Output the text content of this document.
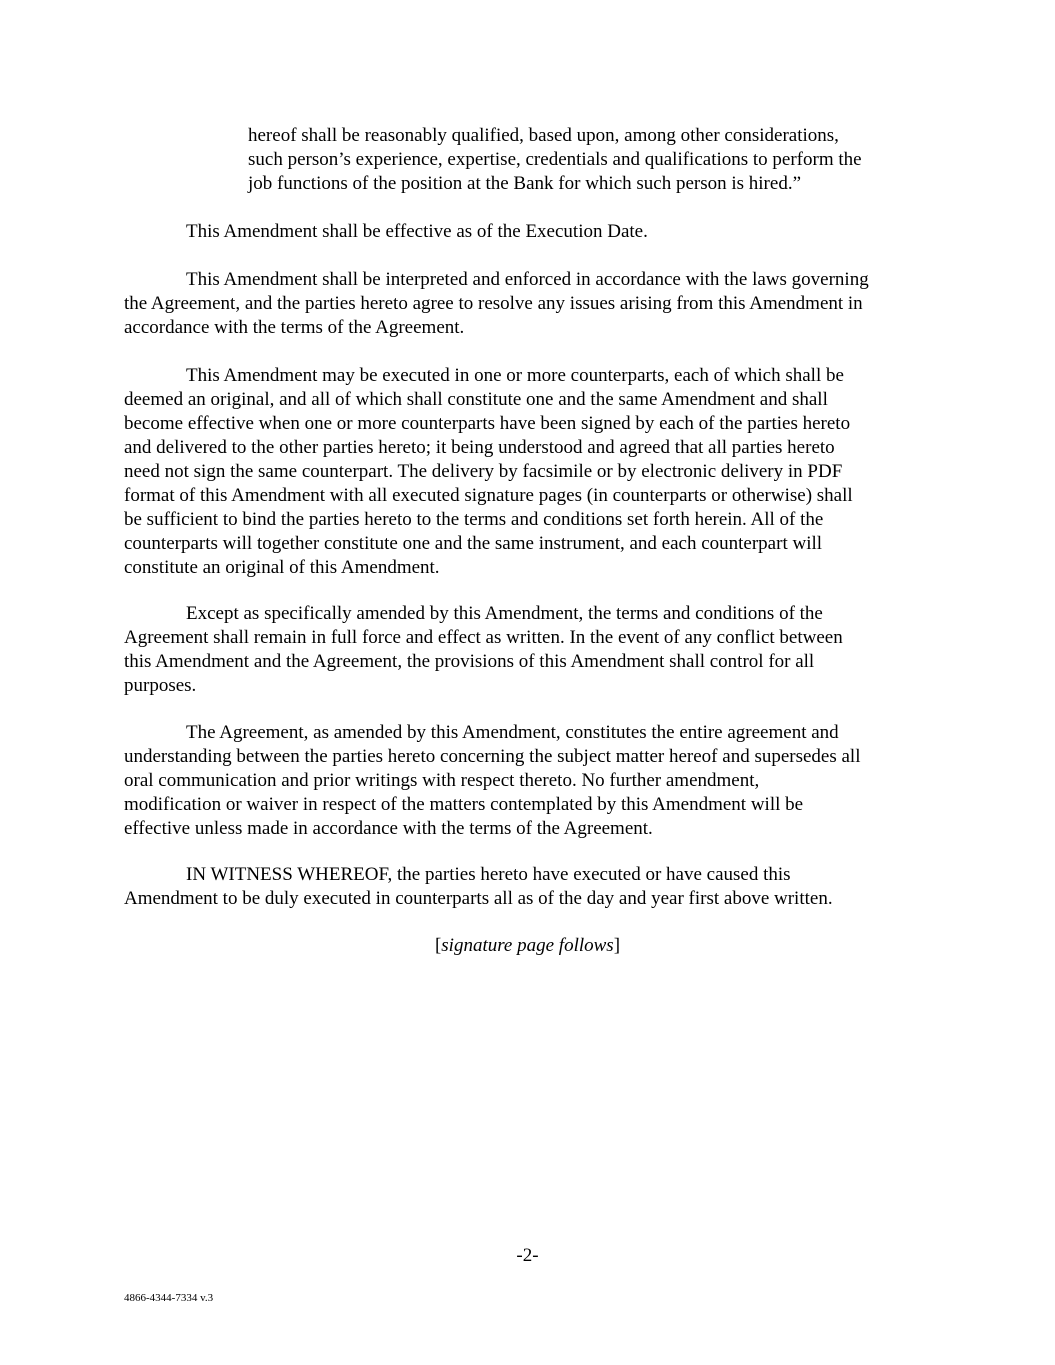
hereof shall be reasonably qualified, based upon, among other considerations,
such person’s experience, expertise, credentials and qualifications to perform the
job functions of the position at the Bank for which such person is hired.”
This Amendment shall be effective as of the Execution Date.
This Amendment shall be interpreted and enforced in accordance with the laws governing
the Agreement, and the parties hereto agree to resolve any issues arising from this Amendment in
accordance with the terms of the Agreement.
This Amendment may be executed in one or more counterparts, each of which shall be
deemed an original, and all of which shall constitute one and the same Amendment and shall
become effective when one or more counterparts have been signed by each of the parties hereto
and delivered to the other parties hereto; it being understood and agreed that all parties hereto
need not sign the same counterpart. The delivery by facsimile or by electronic delivery in PDF
format of this Amendment with all executed signature pages (in counterparts or otherwise) shall
be sufficient to bind the parties hereto to the terms and conditions set forth herein. All of the
counterparts will together constitute one and the same instrument, and each counterpart will
constitute an original of this Amendment.
Except as specifically amended by this Amendment, the terms and conditions of the
Agreement shall remain in full force and effect as written. In the event of any conflict between
this Amendment and the Agreement, the provisions of this Amendment shall control for all
purposes.
The Agreement, as amended by this Amendment, constitutes the entire agreement and
understanding between the parties hereto concerning the subject matter hereof and supersedes all
oral communication and prior writings with respect thereto. No further amendment,
modification or waiver in respect of the matters contemplated by this Amendment will be
effective unless made in accordance with the terms of the Agreement.
IN WITNESS WHEREOF, the parties hereto have executed or have caused this
Amendment to be duly executed in counterparts all as of the day and year first above written.
[signature page follows]
-2-
4866-4344-7334 v.3
